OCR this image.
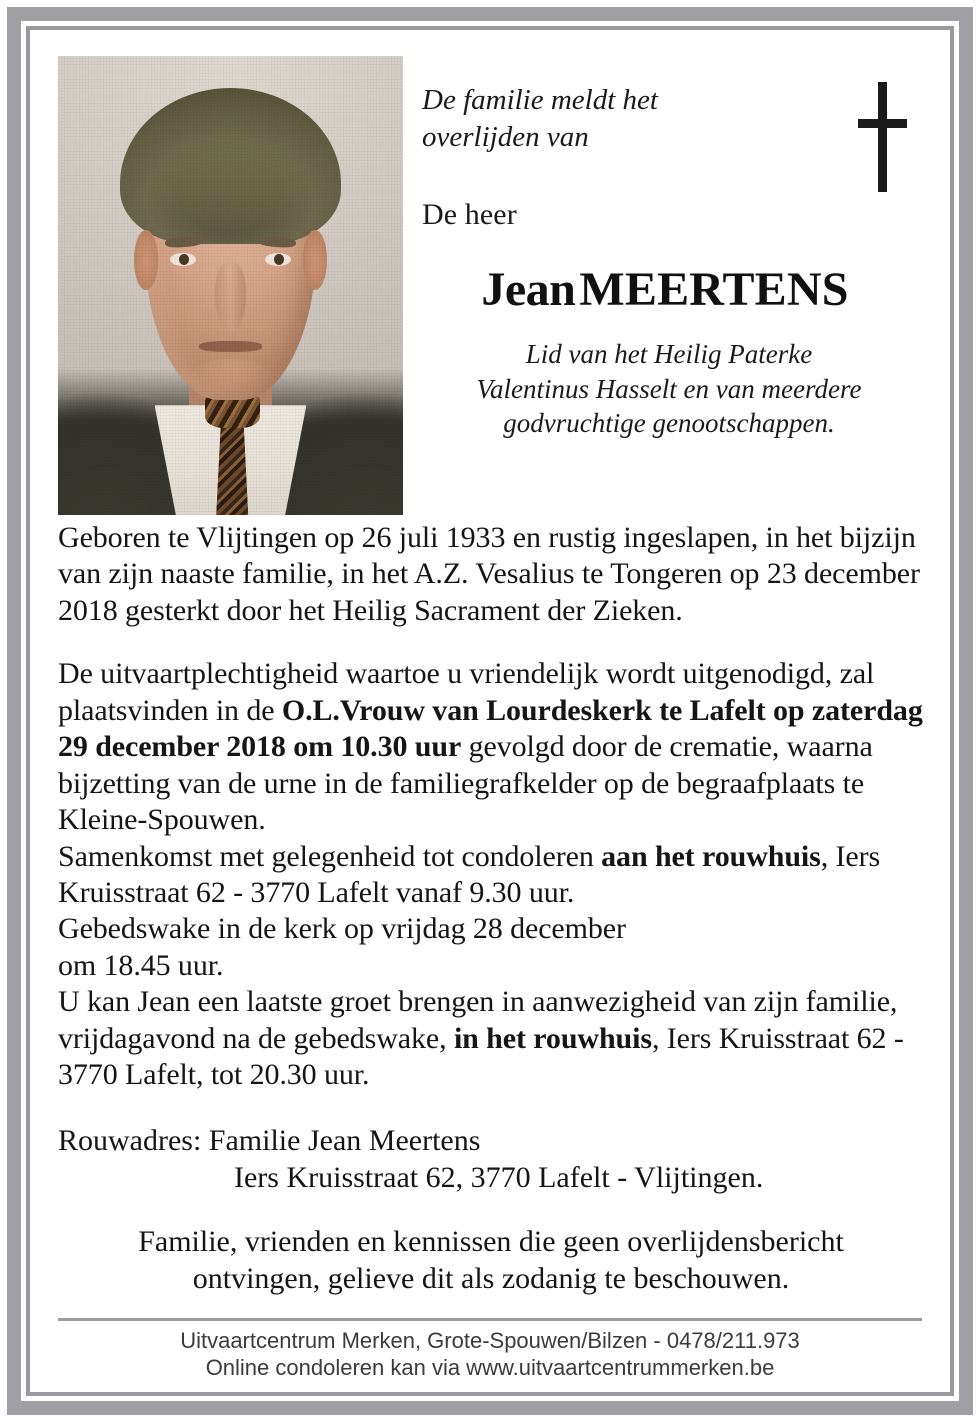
De familie meldt het
overlijden van
De heer
Jean MEERTENS
Lid van het Heilig Paterke
Valentinus Hasselt en van meerdere
godvruchtige genootschappen.

Geboren te Vlijtingen op 26 juli 1933 en rustig ingeslapen, in het bijzijn van zijn naaste familie, in het A.Z. Vesalius te Tongeren op 23 december 2018 gesterkt door het Heilig Sacrament der Zieken.

De uitvaartplechtigheid waartoe u vriendelijk wordt uitgenodigd, zal plaatsvinden in de O.L.Vrouw van Lourdeskerk te Lafelt op zaterdag 29 december 2018 om 10.30 uur gevolgd door de crematie, waarna bijzetting van de urne in de familiegrafkelder op de begraafplaats te Kleine-Spouwen.

Samenkomst met gelegenheid tot condoleren aan het rouwhuis, Iers Kruisstraat 62 - 3770 Lafelt vanaf 9.30 uur.

Gebedswake in de kerk op vrijdag 28 december
om 18.45 uur.

U kan Jean een laatste groet brengen in aanwezigheid van zijn familie, vrijdagavond na de gebedswake, in het rouwhuis, Iers Kruisstraat 62 - 3770 Lafelt, tot 20.30 uur.

Rouwadres: Familie Jean Meertens
Iers Kruisstraat 62, 3770 Lafelt - Vlijtingen.
Familie, vrienden en kennissen die geen overlijdensbericht
ontvingen, gelieve dit als zodanig te beschouwen.
Uitvaartcentrum Merken, Grote-Spouwen/Bilzen - 0478/211.973
Online condoleren kan via www.uitvaartcentrummerken.be
